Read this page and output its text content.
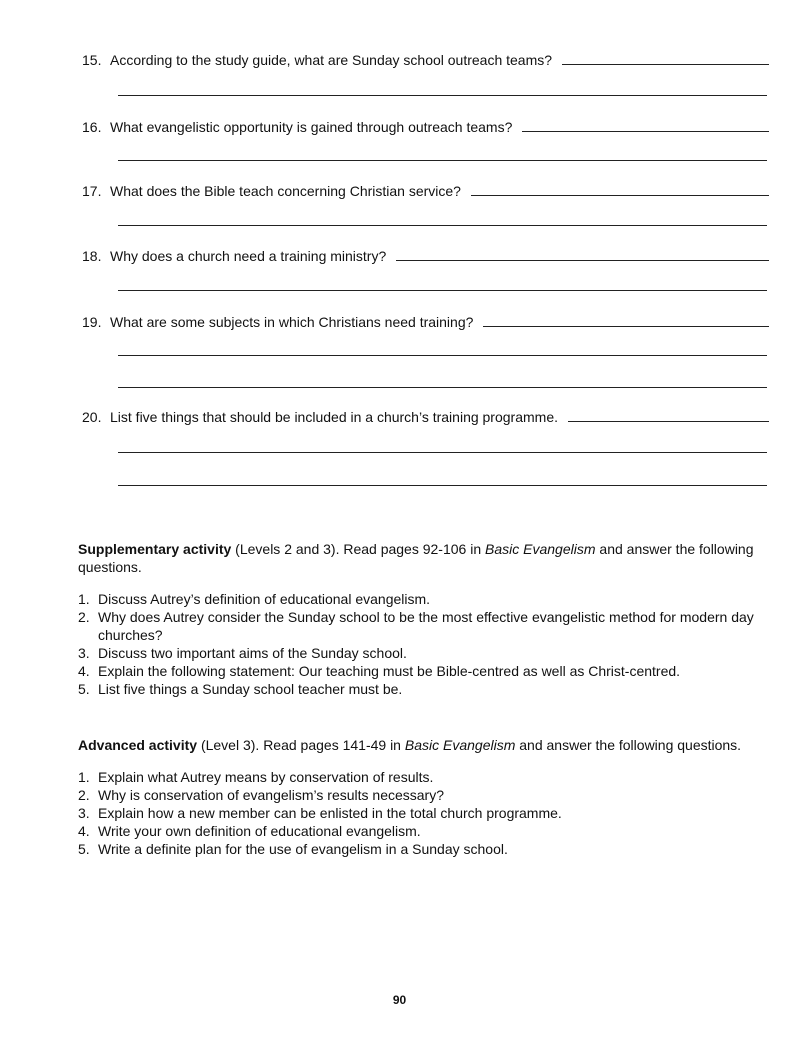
15. According to the study guide, what are Sunday school outreach teams?
16. What evangelistic opportunity is gained through outreach teams?
17. What does the Bible teach concerning Christian service?
18. Why does a church need a training ministry?
19. What are some subjects in which Christians need training?
20. List five things that should be included in a church’s training programme.
Supplementary activity (Levels 2 and 3). Read pages 92-106 in Basic Evangelism and answer the following questions.
1. Discuss Autrey’s definition of educational evangelism.
2. Why does Autrey consider the Sunday school to be the most effective evangelistic method for modern day churches?
3. Discuss two important aims of the Sunday school.
4. Explain the following statement: Our teaching must be Bible-centred as well as Christ-centred.
5. List five things a Sunday school teacher must be.
Advanced activity (Level 3). Read pages 141-49 in Basic Evangelism and answer the following questions.
1. Explain what Autrey means by conservation of results.
2. Why is conservation of evangelism’s results necessary?
3. Explain how a new member can be enlisted in the total church programme.
4. Write your own definition of educational evangelism.
5. Write a definite plan for the use of evangelism in a Sunday school.
90
